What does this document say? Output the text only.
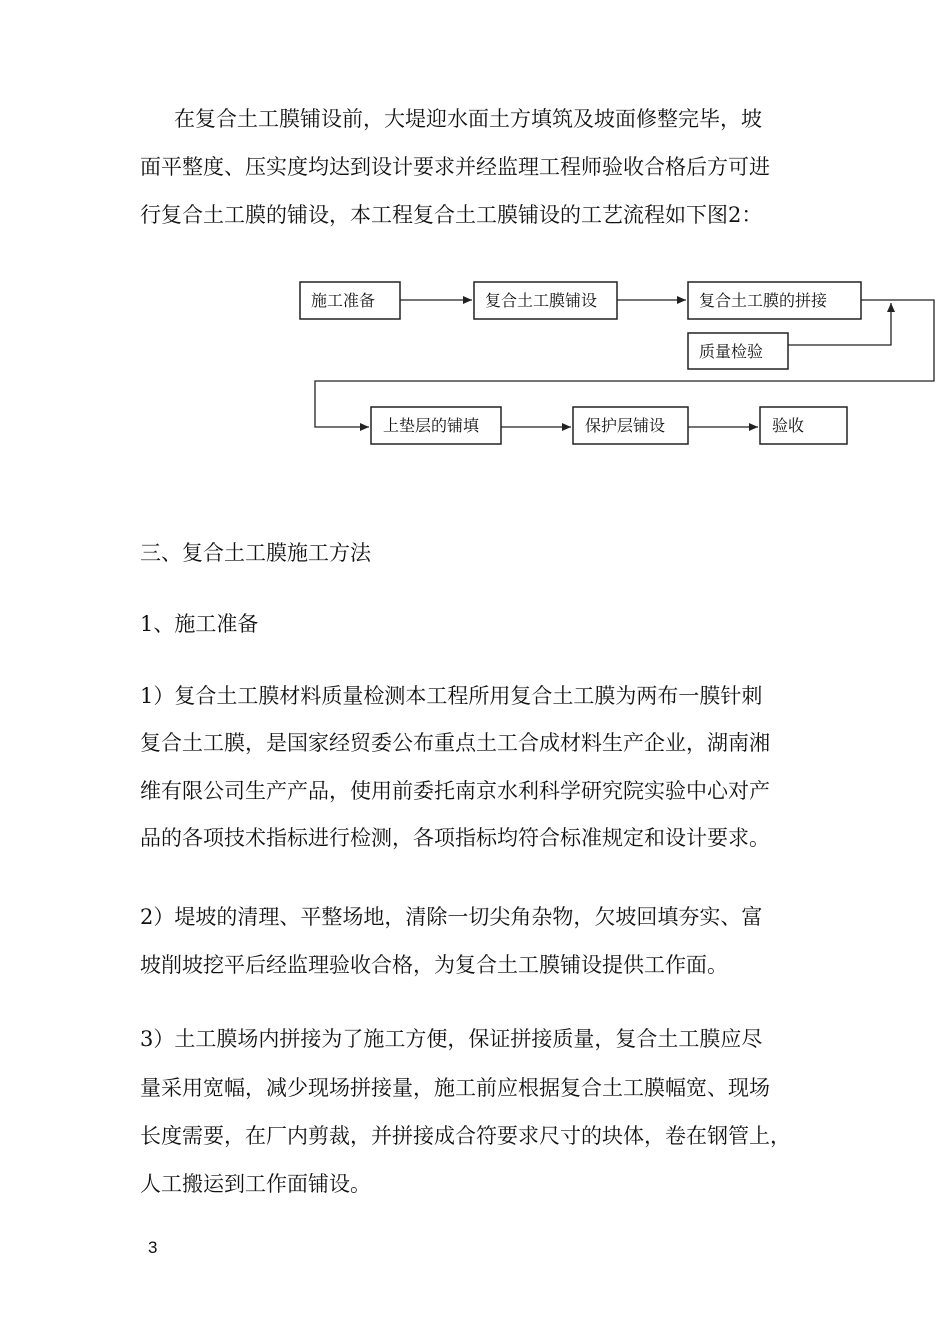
在复合土工膜铺设前，大堤迎水面土方填筑及坡面修整完毕，坡
面平整度、压实度均达到设计要求并经监理工程师验收合格后方可进
行复合土工膜的铺设，本工程复合土工膜铺设的工艺流程如下图2：
施工准备	复合土工膜铺设	复合土工膜的拼接
质量检验
上垫层的铺填	保护层铺设	验收
三、复合土工膜施工方法
1、施工准备
1）复合土工膜材料质量检测本工程所用复合土工膜为两布一膜针刺
复合土工膜，是国家经贸委公布重点土工合成材料生产企业，湖南湘
维有限公司生产产品，使用前委托南京水利科学研究院实验中心对产
品的各项技术指标进行检测，各项指标均符合标准规定和设计要求。
2）堤坡的清理、平整场地，清除一切尖角杂物，欠坡回填夯实、富
坡削坡挖平后经监理验收合格，为复合土工膜铺设提供工作面。
3）土工膜场内拼接为了施工方便，保证拼接质量，复合土工膜应尽
量采用宽幅，减少现场拼接量，施工前应根据复合土工膜幅宽、现场
长度需要，在厂内剪裁，并拼接成合符要求尺寸的块体，卷在钢管上，
人工搬运到工作面铺设。
3
